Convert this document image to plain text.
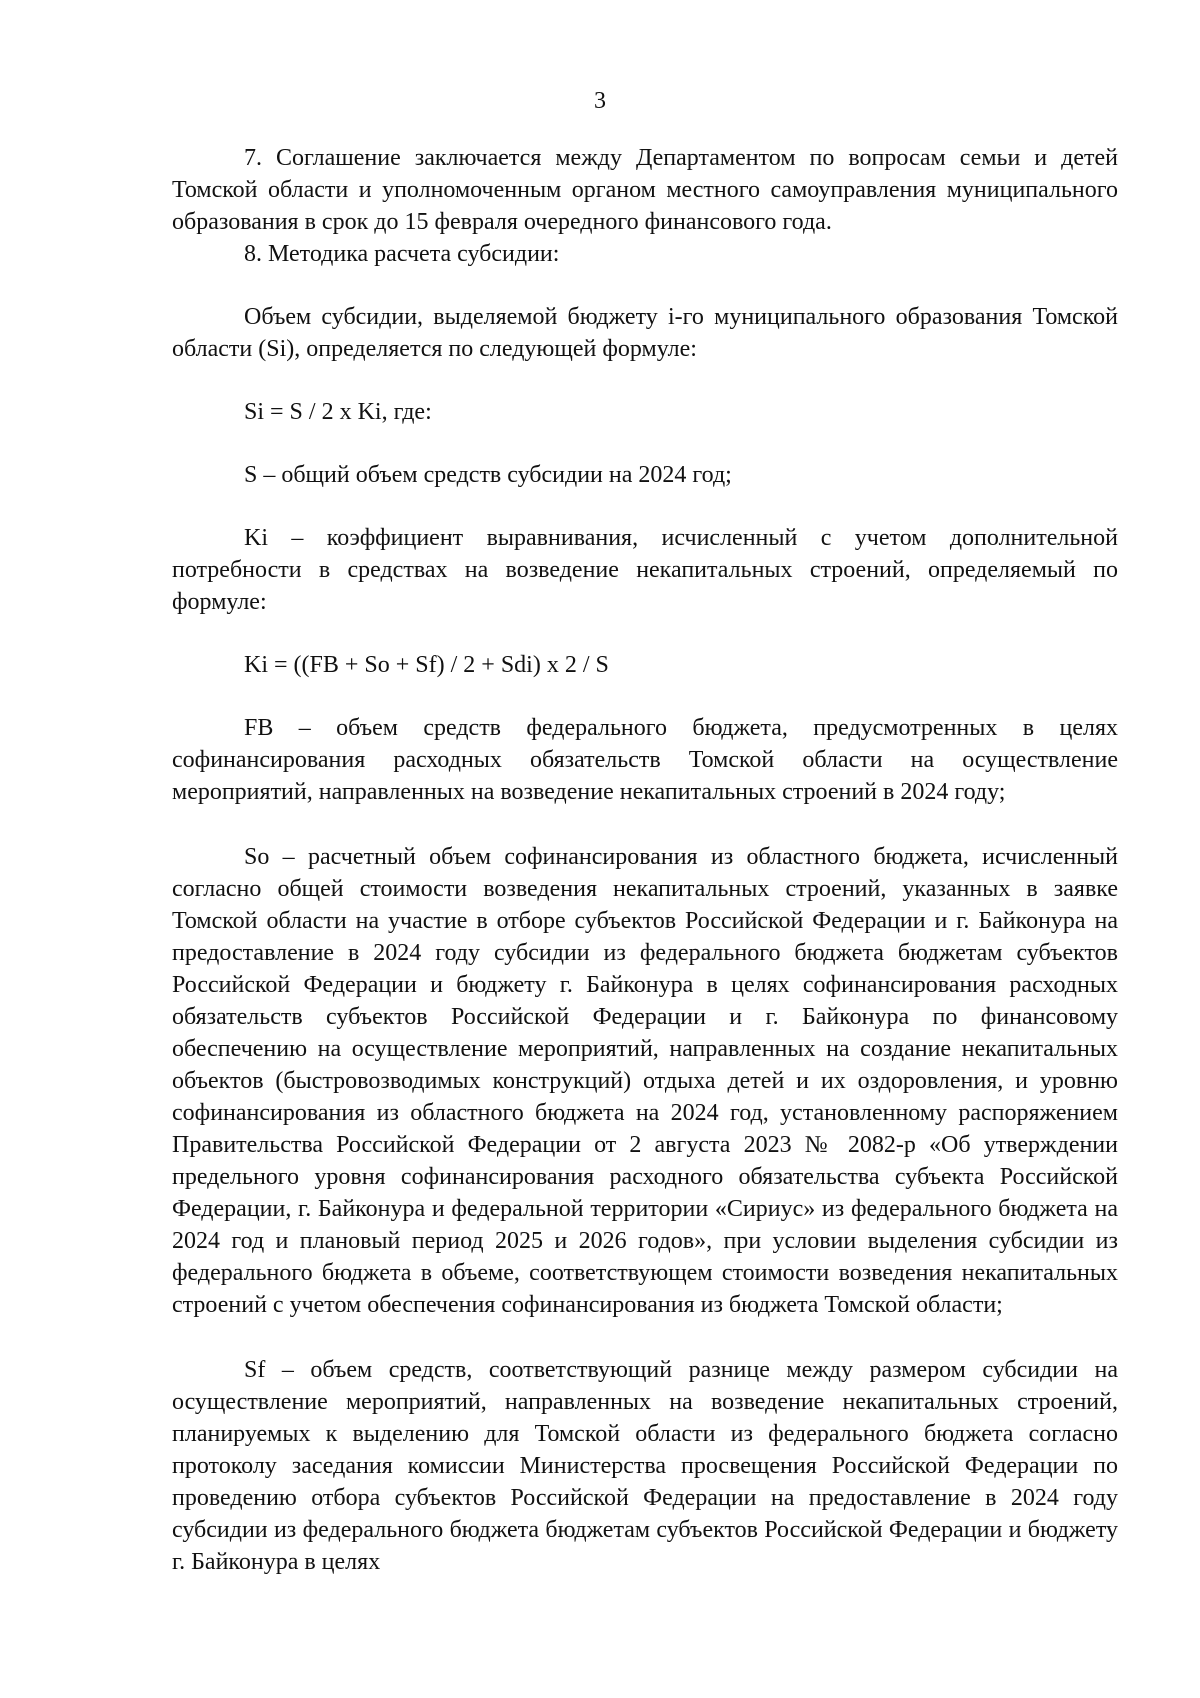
3

7. Соглашение заключается между Департаментом по вопросам семьи и детей Томской области и уполномоченным органом местного самоуправления муниципального образования в срок до 15 февраля очередного финансового года.

8. Методика расчета субсидии:

Объем субсидии, выделяемой бюджету i-го муниципального образования Томской области (Si), определяется по следующей формуле:

Si = S / 2 x Ki, где:

S – общий объем средств субсидии на 2024 год;

Ki – коэффициент выравнивания, исчисленный с учетом дополнительной потребности в средствах на возведение некапитальных строений, определяемый по формуле:

Ki = ((FB + So + Sf) / 2 + Sdi) x 2 / S

FB – объем средств федерального бюджета, предусмотренных в целях софинансирования расходных обязательств Томской области на осуществление мероприятий, направленных на возведение некапитальных строений в 2024 году;

So – расчетный объем софинансирования из областного бюджета, исчисленный согласно общей стоимости возведения некапитальных строений, указанных в заявке Томской области на участие в отборе субъектов Российской Федерации и г. Байконура на предоставление в 2024 году субсидии из федерального бюджета бюджетам субъектов Российской Федерации и бюджету г. Байконура в целях софинансирования расходных обязательств субъектов Российской Федерации и г. Байконура по финансовому обеспечению на осуществление мероприятий, направленных на создание некапитальных объектов (быстровозводимых конструкций) отдыха детей и их оздоровления, и уровню софинансирования из областного бюджета на 2024 год, установленному распоряжением Правительства Российской Федерации от 2 августа 2023 № 2082-р «Об утверждении предельного уровня софинансирования расходного обязательства субъекта Российской Федерации, г. Байконура и федеральной территории «Сириус» из федерального бюджета на 2024 год и плановый период 2025 и 2026 годов», при условии выделения субсидии из федерального бюджета в объеме, соответствующем стоимости возведения некапитальных строений с учетом обеспечения софинансирования из бюджета Томской области;

Sf – объем средств, соответствующий разнице между размером субсидии на осуществление мероприятий, направленных на возведение некапитальных строений, планируемых к выделению для Томской области из федерального бюджета согласно протоколу заседания комиссии Министерства просвещения Российской Федерации по проведению отбора субъектов Российской Федерации на предоставление в 2024 году субсидии из федерального бюджета бюджетам субъектов Российской Федерации и бюджету г. Байконура в целях
